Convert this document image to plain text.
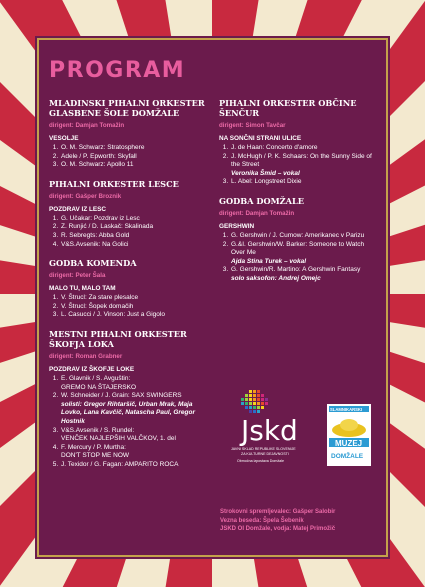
PROGRAM
MLADINSKI PIHALNI ORKESTER GLASBENE ŠOLE DOMŽALE
dirigent: Damjan Tomažin
VESOLJE
1. O. M. Schwarz: Stratosphere
2. Adele / P. Epworth: Skyfall
3. O. M. Schwarz: Apollo 11
PIHALNI ORKESTER LESCE
dirigent: Gašper Broznik
POZDRAV IZ LESC
1. G. Učakar: Pozdrav iz Lesc
2. Z. Runjić / D. Laskač: Skalinada
3. R. Sebregts: Abba Gold
4. V&S.Avsenik: Na Golici
GODBA KOMENDA
dirigent: Peter Šala
MALO TU, MALO TAM
1. V. Štrucl: Za stare plesalce
2. V. Štrucl: Šopek domačih
3. L. Casucci / J. Vinson: Just a Gigolo
MESTNI PIHALNI ORKESTER ŠKOFJA LOKA
dirigent: Roman Grabner
POZDRAV IZ ŠKOFJE LOKE
1. E. Glavnik / S. Avguštin:
GREMO NA ŠTAJERSKO
2. W. Schneider / J. Grain: SAX SWINGERS
solisti: Gregor Rihtaršič, Urban Mrak, Maja Lovko, Lana Kavčič, Natascha Paul, Gregor Hostnik
3. V&S.Avsenik / S. Rundel:
VENČEK NAJLEPŠIH VALČKOV, 1. del
4. F. Mercury / P. Murtha:
DON'T STOP ME NOW
5. J. Texidor / G. Fagan: AMPARITO ROCA
PIHALNI ORKESTER OBČINE ŠENČUR
dirigent: Simon Tavčar
NA SONČNI STRANI ULICE
1. J. de Haan: Concerto d'amore
2. J. McHugh / P. K. Schaars: On the Sunny Side of the Street
Veronika Šmid – vokal
3. L. Abel: Longstreet Dixie
GODBA DOMŽALE
dirigent: Damjan Tomažin
GERSHWIN
1. G. Gershwin / J. Cumow: Amerikanec v Parizu
2. G.&I. Gershwin/W. Barker: Someone to Watch Over Me
Ajda Stina Turek – vokal
3. G. Gershwin/R. Martino: A Gershwin Fantasy
solo saksofon: Andrej Omejc
Jskd
JAVNI SKLAD REPUBLIKE SLOVENIJE
ZA KULTURNE DEJAVNOSTI
Območna izpostava Domžale
SLAMNIKARSKI
MUZEJ
DOMŽALE
Strokovni spremljevalec: Gašper Salobir
Vezna beseda: Špela Šebenik
JSKD OI Domžale, vodja: Matej Primožič
